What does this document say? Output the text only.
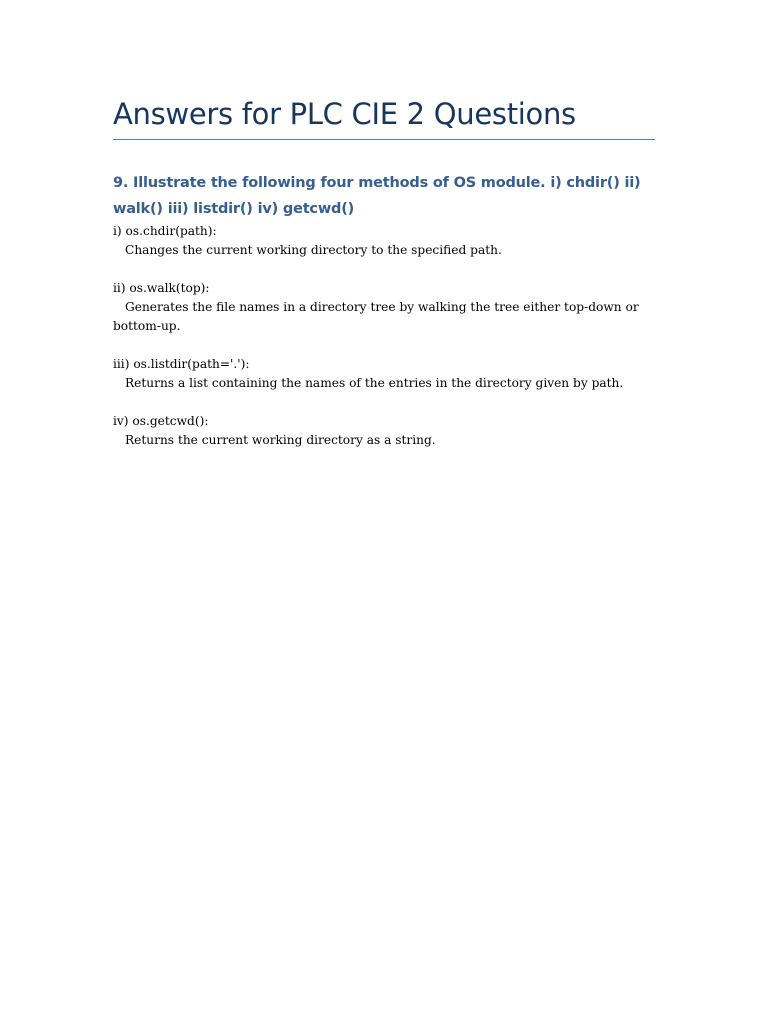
Answers for PLC CIE 2 Questions
9. Illustrate the following four methods of OS module. i) chdir() ii) walk() iii) listdir() iv) getcwd()
i) os.chdir(path):
Changes the current working directory to the specified path.
ii) os.walk(top):
Generates the file names in a directory tree by walking the tree either top-down or bottom-up.
iii) os.listdir(path='.'):
Returns a list containing the names of the entries in the directory given by path.
iv) os.getcwd():
Returns the current working directory as a string.
